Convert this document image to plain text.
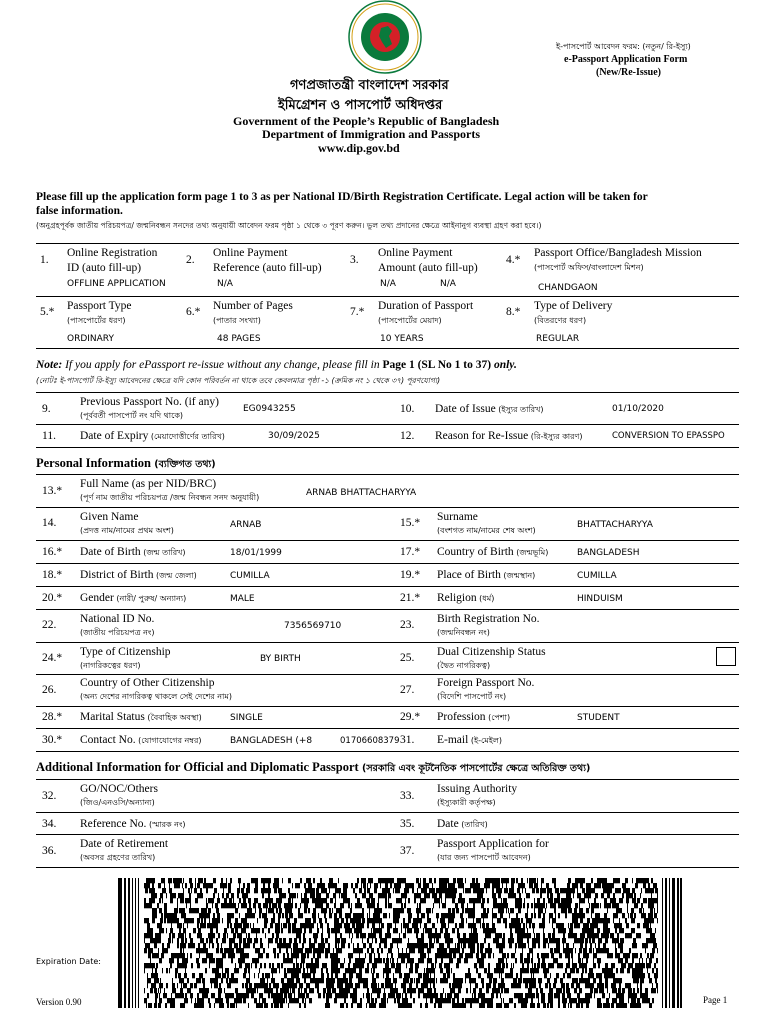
ই-পাসপোর্ট আবেদন ফরম: (নতুন/ রি-ইস্যু)
e-Passport Application Form
(New/Re-Issue)
গণপ্রজাতন্ত্রী বাংলাদেশ সরকার
ইমিগ্রেশন ও পাসপোর্ট অধিদপ্তর
Government of the People’s Republic of Bangladesh
Department of Immigration and Passports
www.dip.gov.bd
Please fill up the application form page 1 to 3 as per National ID/Birth Registration Certificate. Legal action will be taken for
false information.
(অনুগ্রহপূর্বক জাতীয় পরিচয়পত্র/ জন্মনিবন্ধন সনদের তথ্য অনুযায়ী আবেদন ফরম পৃষ্ঠা ১ থেকে ৩ পূরণ করুন। ভুল তথ্য প্রদানের ক্ষেত্রে আইনানুগ ব্যবস্থা গ্রহণ করা হবে।)
1.
Online Registration
ID (auto fill-up)
OFFLINE APPLICATION
2.
Online Payment
Reference (auto fill-up)
N/A
3.
Online Payment
Amount (auto fill-up)
N/A	N/A
4.*
Passport Office/Bangladesh Mission
(পাসপোর্ট অফিস/বাংলাদেশ মিশন)
CHANDGAON
5.* Passport Type
(পাসপোর্টের ধরণ)
ORDINARY
6.* Number of Pages
(পাতার সংখ্যা)
48 PAGES
7.* Duration of Passport
(পাসপোর্টের মেয়াদ)
10 YEARS
8.* Type of Delivery
(বিতরণের ধরণ)
REGULAR
Note: If you apply for ePassport re-issue without any change, please fill in Page 1 (SL No 1 to 37) only.
(নোটঃ ই-পাসপোর্ট রি-ইস্যু আবেদনের ক্ষেত্রে যদি কোন পরিবর্তন না থাকে তবে কেবলমাত্র পৃষ্ঠা -১ (ক্রমিক নং ১ থেকে ৩৭) পূরণযোগ্য)
9.
Previous Passport No. (if any)
(পূর্ববর্তী পাসপোর্ট নং যদি থাকে)
EG0943255	10. Date of Issue (ইস্যুর তারিখ)	01/10/2020
11. Date of Expiry (মেয়াদোত্তীর্ণের তারিখ)	30/09/2025	12. Reason for Re-Issue (রি-ইস্যুর কারণ)	CONVERSION TO EPASSPO
Personal Information (ব্যক্তিগত তথ্য)
13.*
Full Name (as per NID/BRC)
(পূর্ণ নাম জাতীয় পরিচয়পত্র /জন্ম নিবন্ধন সনদ অনুযায়ী)	ARNAB BHATTACHARYYA
14. Given Name
(প্রদত্ত নাম/নামের প্রথম অংশ)
ARNAB	15.* Surname
(বংশগত নাম/নামের শেষ অংশ)
BHATTACHARYYA
16.* Date of Birth (জন্ম তারিখ)	18/01/1999	17.* Country of Birth (জন্মভূমি)	BANGLADESH
18.* District of Birth (জন্ম জেলা)	CUMILLA	19.* Place of Birth (জন্মস্থান)	CUMILLA
20.* Gender (নারী/ পুরুষ/ অন্যান্য)	MALE	21.* Religion (ধর্ম)	HINDUISM
22. National ID No.
(জাতীয় পরিচয়পত্র নং)
7356569710	23. Birth Registration No.
(জন্মনিবন্ধন নং)
24.* Type of Citizenship
(নাগরিকত্বের ধরণ)
BY BIRTH	25. Dual Citizenship Status
(দ্বৈত নাগরিকত্ব)
26.
Country of Other Citizenship
(অন্য দেশের নাগরিকত্ব থাকলে সেই দেশের নাম)
27.
Foreign Passport No.
(বিদেশি পাসপোর্ট নং)
28.* Marital Status (বৈবাহিক অবস্থা)	SINGLE	29.* Profession (পেশা)	STUDENT
30.* Contact No. (যোগাযোগের নম্বর)	BANGLADESH (+8	01706608379 31. E-mail (ই-মেইল)
Additional Information for Official and Diplomatic Passport (সরকারি এবং কূটনৈতিক পাসপোর্টের ক্ষেত্রে অতিরিক্ত তথ্য)
32.
GO/NOC/Others
(জিও/এনওসি/অন্যান্য)
33.
Issuing Authority
(ইস্যুকারী কর্তৃপক্ষ)
34. Reference No. (স্মারক নং)	35. Date (তারিখ)
36.
Date of Retirement
(অবসর গ্রহণের তারিখ)
37.
Passport Application for
(যার জন্য পাসপোর্ট আবেদন)
Expiration Date:
Version 0.90	Page 1
